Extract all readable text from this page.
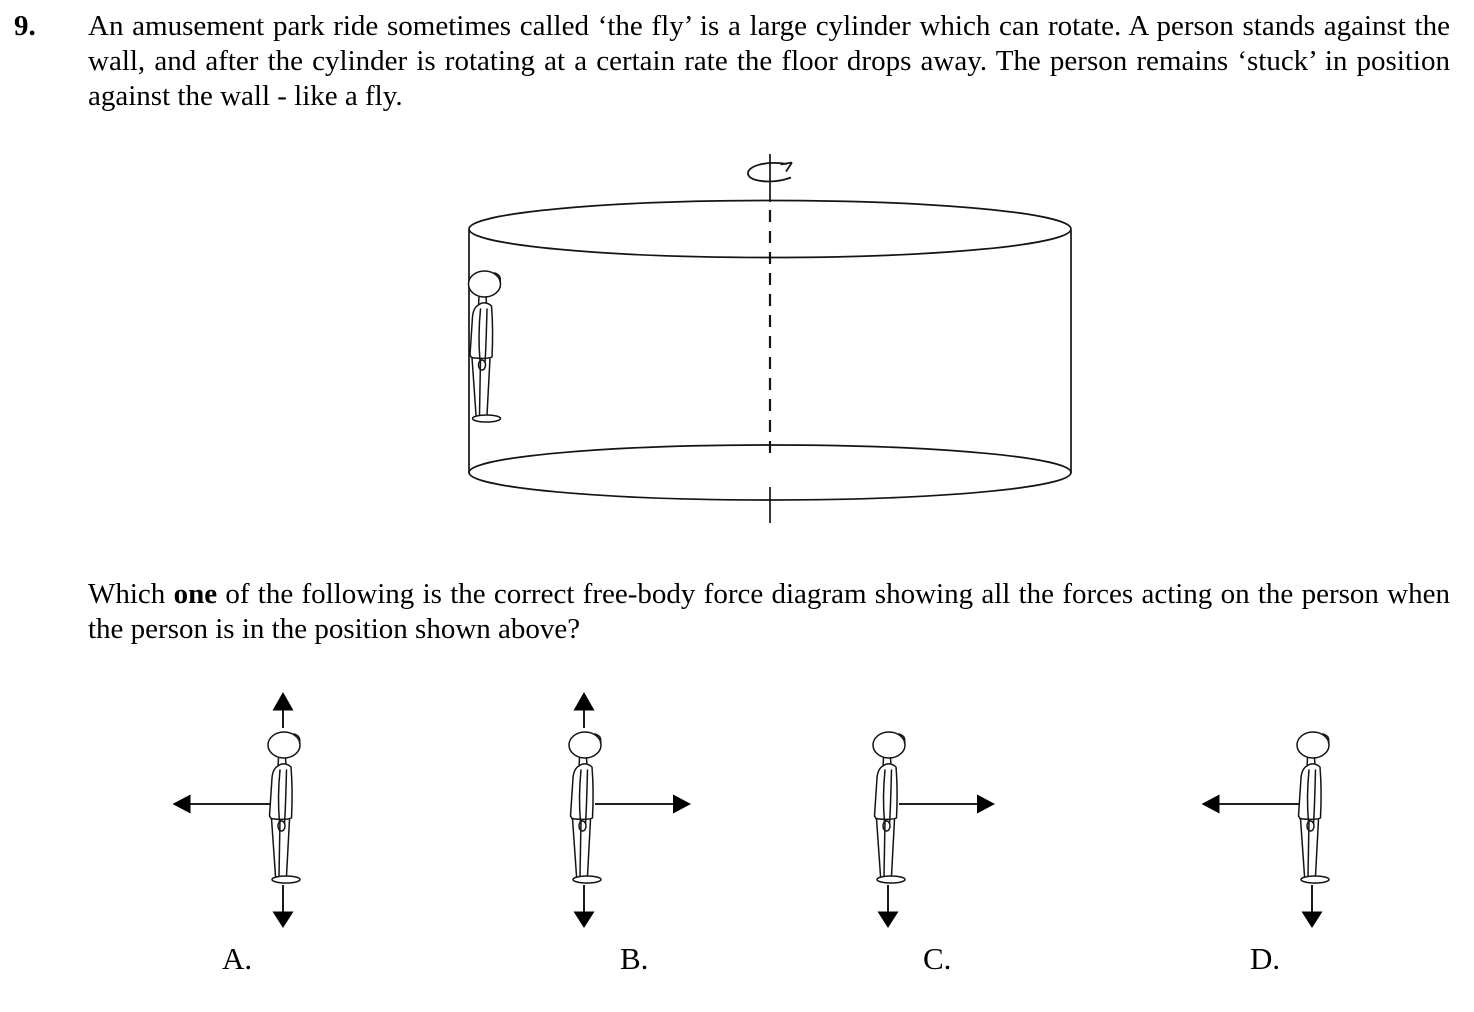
9. An amusement park ride sometimes called ‘the fly’ is a large cylinder which can rotate. A person stands against the wall, and after the cylinder is rotating at a certain rate the floor drops away. The person remains ‘stuck’ in position against the wall - like a fly.

Which one of the following is the correct free-body force diagram showing all the forces acting on the person when the person is in the position shown above?

A.	B.	C.	D.
